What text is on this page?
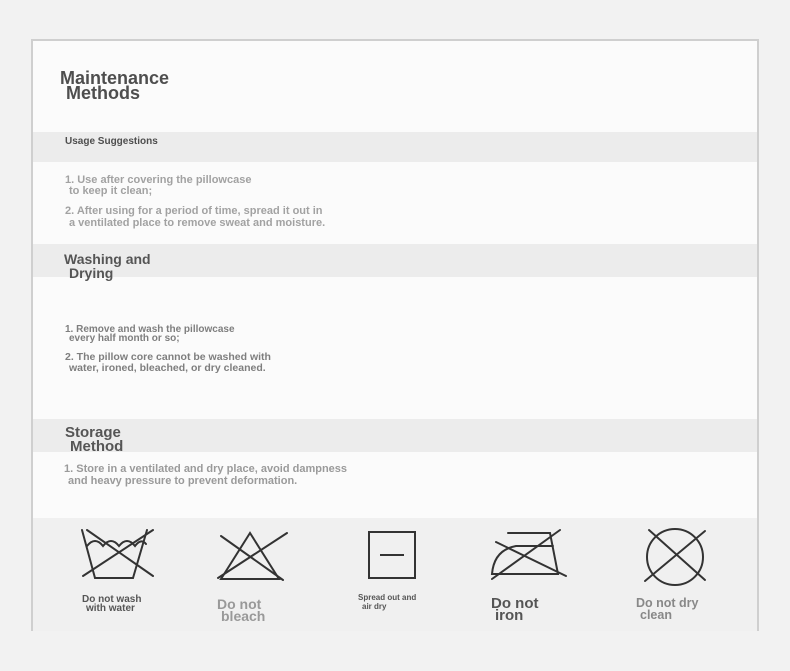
Maintenance
Methods

Usage Suggestions

1. Use after covering the pillowcase
to keep it clean;

2. After using for a period of time, spread it out in
a ventilated place to remove sweat and moisture.

Washing and
Drying

1. Remove and wash the pillowcase
every half month or so;

2. The pillow core cannot be washed with
water, ironed, bleached, or dry cleaned.

Storage
Method

1. Store in a ventilated and dry place, avoid dampness
and heavy pressure to prevent deformation.

Do not wash
with water	Do not
bleach

Spread out and
air dry	Do not
iron

Do not dry
clean
